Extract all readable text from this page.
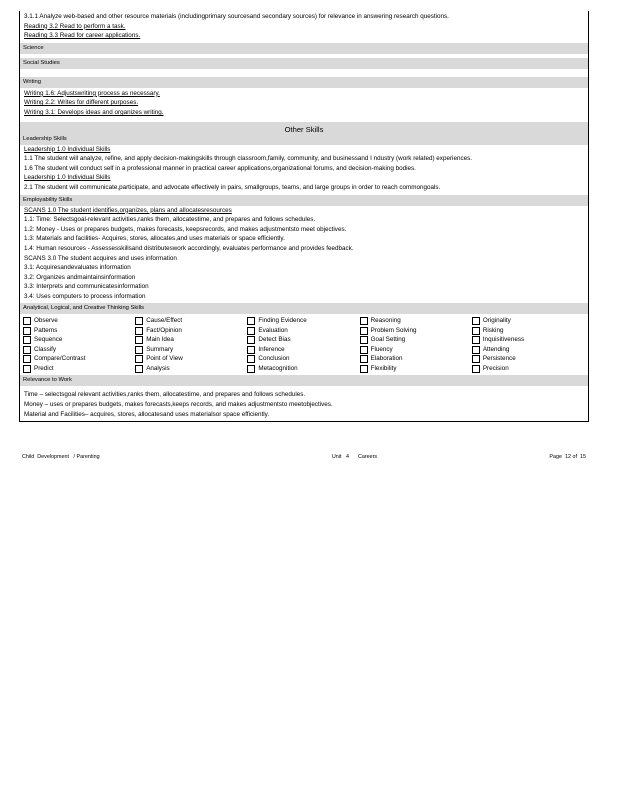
3.1.1 Analyze web-based and other resource materials (includingprimary sourcesand secondary sources) for relevance in answering research questions.
Reading 3.2 Read to perform a task.
Reading 3.3 Read for career applications.
Science
Social Studies
Writing
Writing 1.6: Adjustswriting process as necessary.
Writing 2.2: Writes for different purposes.
Writing 3.1: Develops ideas and organizes writing.
Other Skills
Leadership Skills
Leadership 1.0 Individual Skills
1.1 The student will analyze, refine, and apply decision-makingskills through classroom,family, community, and businessand I ndustry (work related) experiences.
1.6 The student will conduct self in a professional manner in practical career applications,organizational forums, and decision-making bodies.
Leadership 1.0 Individual Skills
2.1 The student will communicate,participate, and advocate effectively in pairs, smallgroups, teams, and large groups in order to reach commongoals.
Employability Skills
SCANS 1.0 The student identifies,organizes, plans and allocatesresources
1.1: Time: Selectsgoal-relevant activities,ranks them, allocatestime, and prepares and follows schedules.
1.2: Money - Uses or prepares budgets, makes forecasts, keepsrecords, and makes adjustmentsto meet objectives.
1.3: Materials and facilities- Acquires, stores, allocates,and uses materials or space efficiently.
1.4: Human resources - Assessesskillsand distributeswork accordingly, evaluates performance and provides feedback.
SCANS 3.0 The student acquires and uses information
3.1: Acquiresandevaluates information
3.2: Organizes andmaintainsinformation
3.3: Interprets and communicatesinformation
3.4: Uses computers to process information
Analytical, Logical, and Creative Thinking Skills
Observe
Patterns
Sequence
Classify
Compare/Contrast
Predict
Cause/Effect
Fact/Opinion
Main Idea
Summary
Point of View
Analysis
Finding Evidence
Evaluation
Detect Bias
Inference
Conclusion
Metacognition
Reasoning
Problem Solving
Goal Setting
Fluency
Elaboration
Flexibility
Originality
Risking
Inquisitiveness
Attending
Persistence
Precision
Relevance to Work
Time – selectsgoal relevant activities,ranks them, allocatestime, and prepares and follows schedules.
Money – uses or prepares budgets, makes forecasts,keeps records, and makes adjustmentsto meetobjectives.
Material and Facilities– acquires, stores, allocatesand uses materialsor space efficiently.
Child  Development   / Parenting	Unit   4      Careers	Page  12 of  15
